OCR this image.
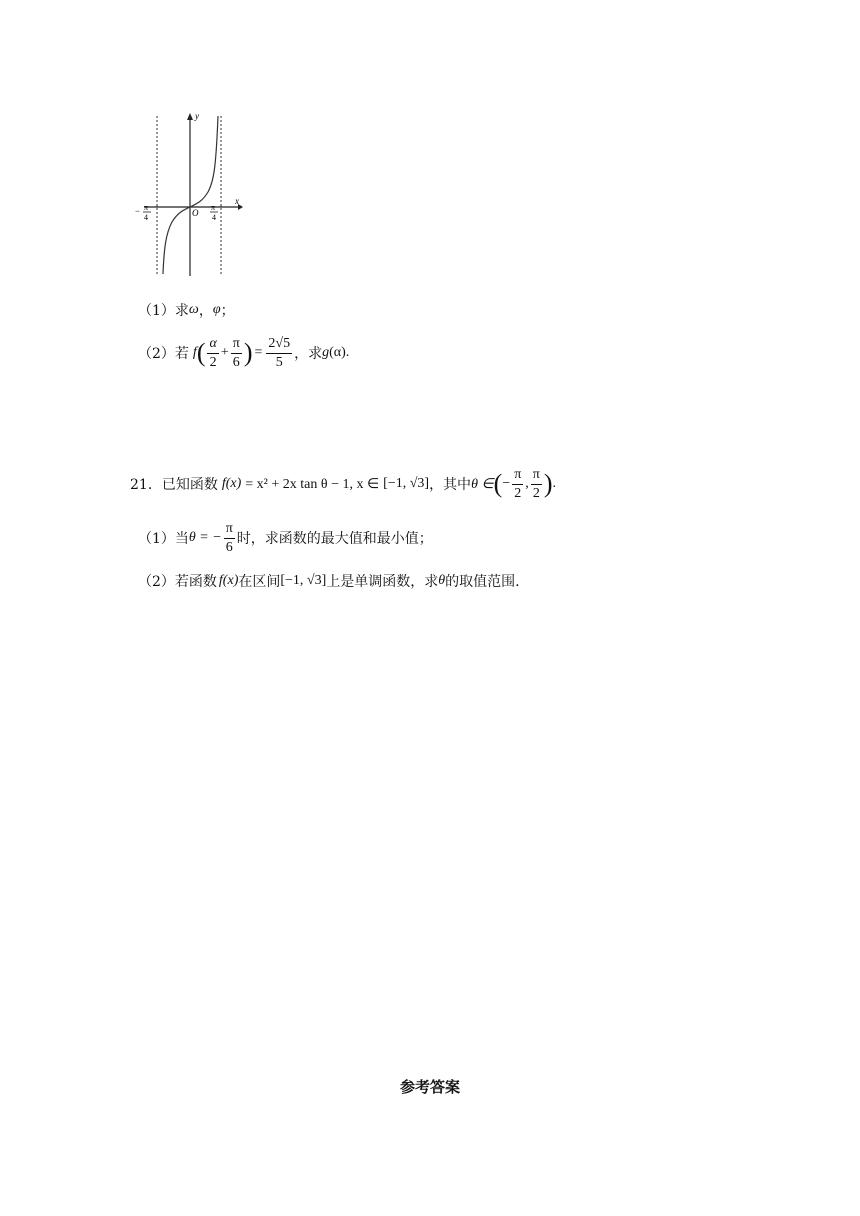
y
x
O
− π
4
π
4
（1）求 ω ， φ ；
（2）若 f ( $\frac{\alpha}{2} + \frac{\pi}{6}$ ) = $\frac{2√5}{5}$ ，求 g (α) .
21．已知函数 f(x) = x² + 2x tan θ − 1, x ∈ [−1, √3] ，其中 θ ∈ ( − $\frac{\pi}{2}$ , $\frac{\pi}{2}$ ) .
（1）当 θ = − $\frac{\pi}{6}$ 时，求函数的最大值和最小值；
（2）若函数 f(x) 在区间 [−1, √3] 上是单调函数，求 θ 的取值范围.
参考答案
